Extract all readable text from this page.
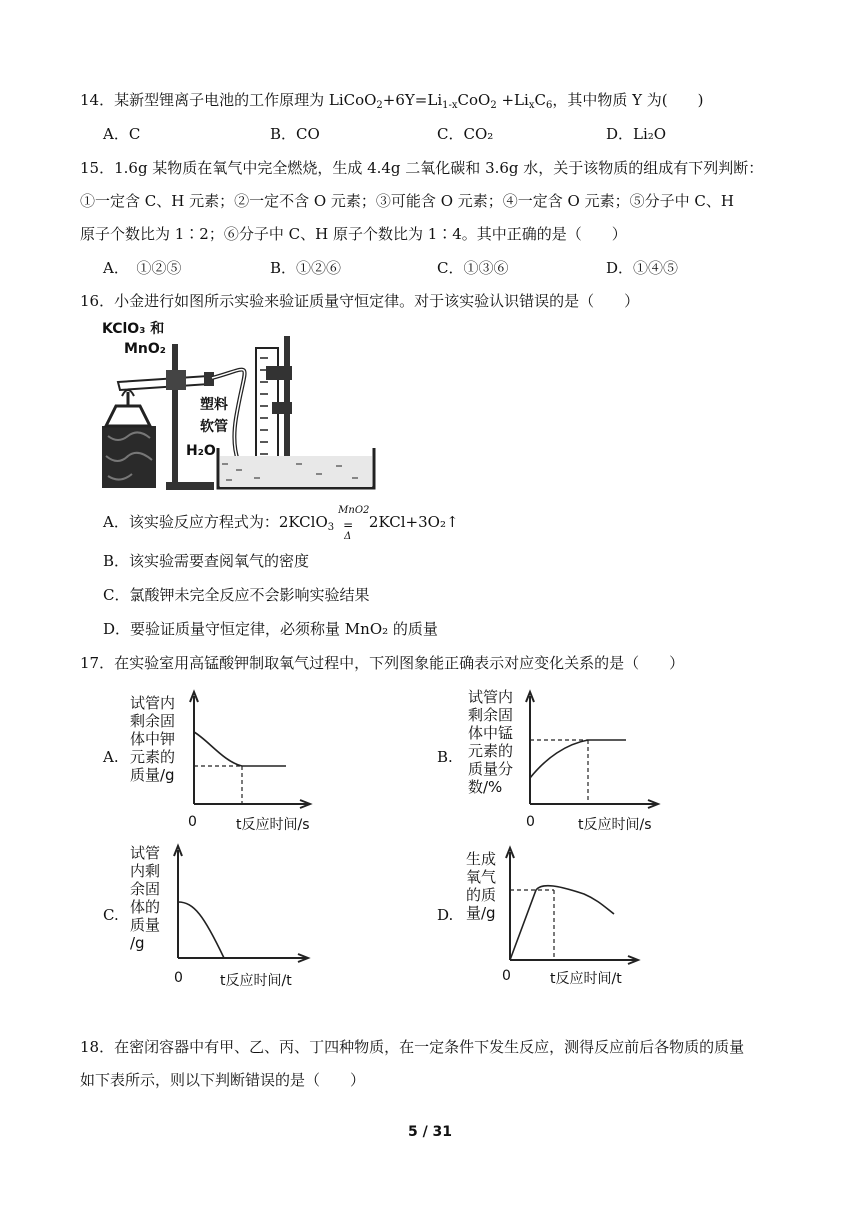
14．某新型锂离子电池的工作原理为 $LiCoO_2+6Y=Li_{1-x}CoO_2 +Li_xC_6$，其中物质 Y 为(　　)
A．C	B．CO	C．CO₂	D．Li₂O
15．1.6g 某物质在氧气中完全燃烧，生成 4.4g 二氧化碳和 3.6g 水，关于该物质的组成有下列判断：
①一定含 C、H 元素；②一定不含 O 元素；③可能含 O 元素；④一定含 O 元素；⑤分子中 C、H
原子个数比为 1∶2；⑥分子中 C、H 原子个数比为 1∶4。其中正确的是（　　）
A．　①②⑤	B．①②⑥	C．①③⑥	D．①④⑤
16．小金进行如图所示实验来验证质量守恒定律。对于该实验认识错误的是（　　）
KClO₃ 和
MnO₂
塑料
软管
H₂O
A．该实验反应方程式为：2KClO$_3$
MnO2
=
Δ
2KCl+3O₂↑
B．该实验需要查阅氧气的密度
C．氯酸钾未完全反应不会影响实验结果
D．要验证质量守恒定律，必须称量 MnO₂ 的质量
17．在实验室用高锰酸钾制取氧气过程中，下列图象能正确表示对应变化关系的是（　　）
A.
试管内
剩余固
体中钾
元素的
质量/g
0	t反应时间/s
B.
试管内
剩余固
体中锰
元素的
质量分
数/%
0	t反应时间/s
C.
试管
内剩
余固
体的
质量
/g
0	t反应时间/t
D.
生成
氧气
的质
量/g
0	t反应时间/t
18．在密闭容器中有甲、乙、丙、丁四种物质，在一定条件下发生反应，测得反应前后各物质的质量
如下表所示，则以下判断错误的是（　　）
5 / 31
